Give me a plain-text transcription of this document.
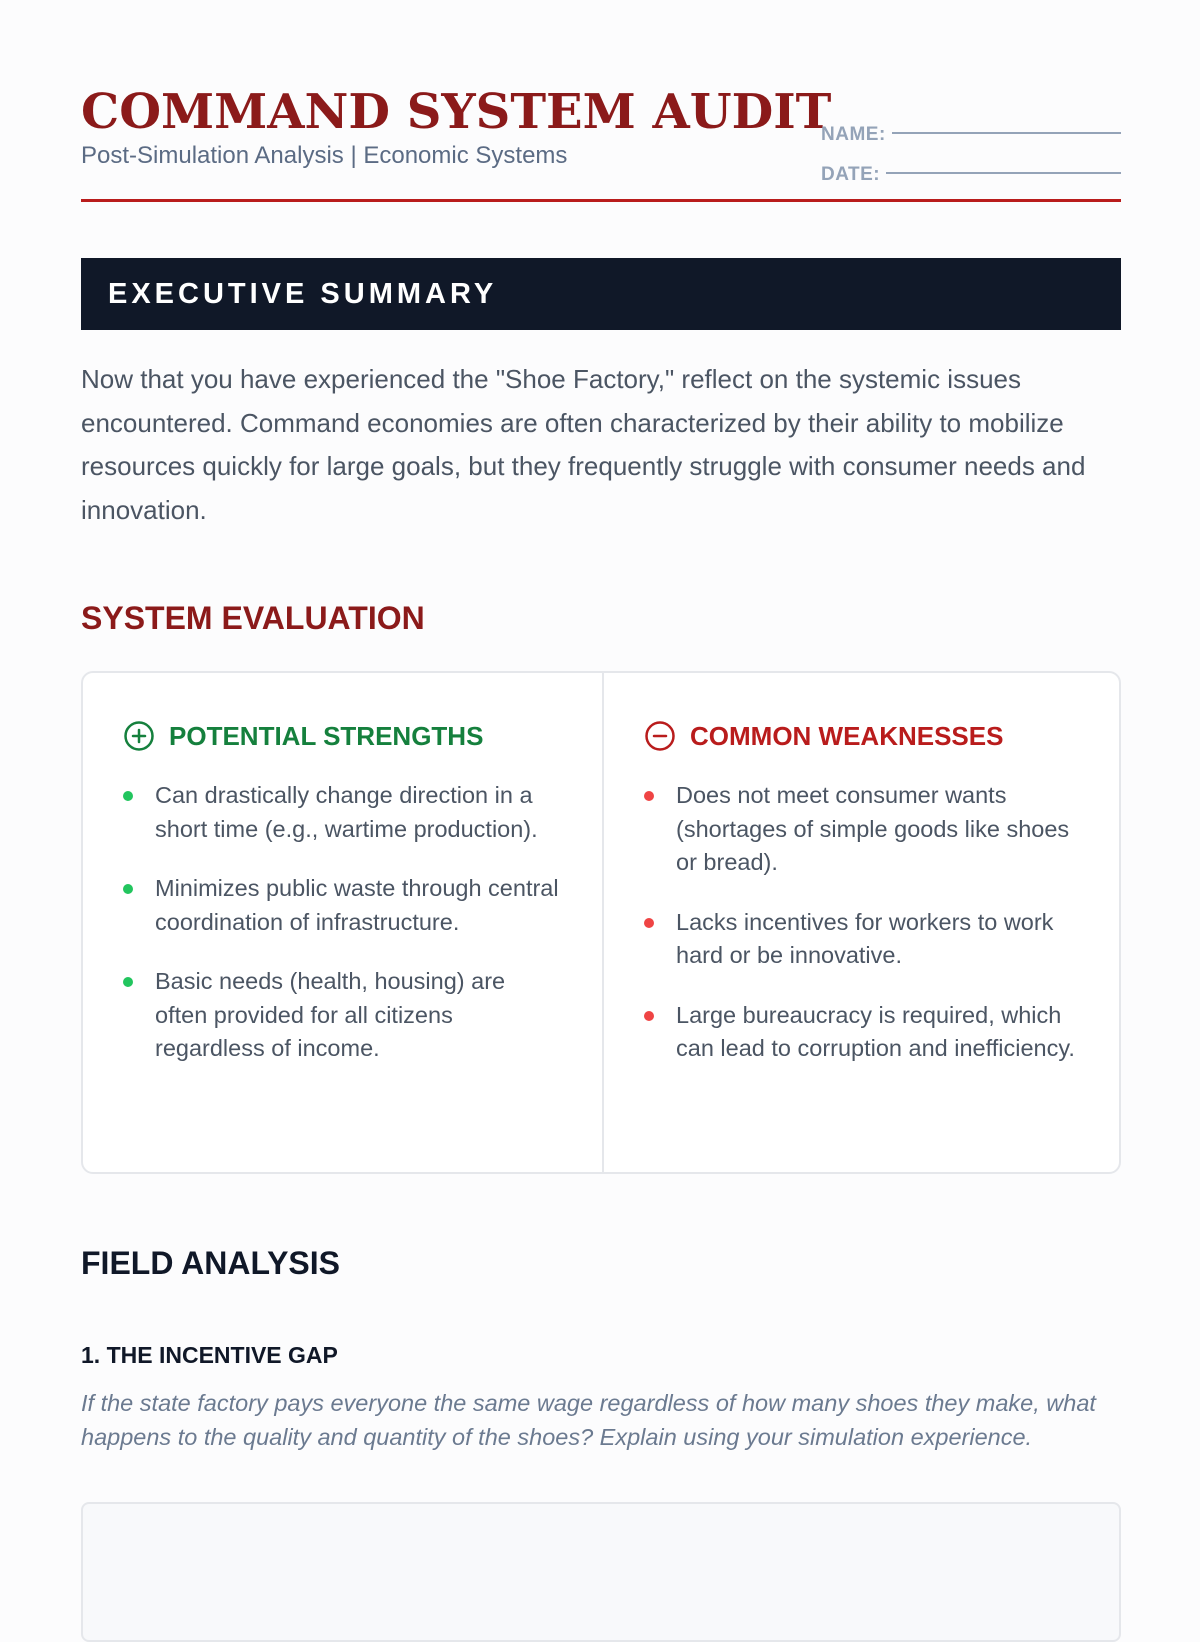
COMMAND SYSTEM AUDIT
Post-Simulation Analysis | Economic Systems
NAME:
DATE:
EXECUTIVE SUMMARY

Now that you have experienced the "Shoe Factory," reflect on the systemic issues encountered. Command economies are often characterized by their ability to mobilize resources quickly for large goals, but they frequently struggle with consumer needs and innovation.

SYSTEM EVALUATION
POTENTIAL STRENGTHS
Can drastically change direction in a short time (e.g., wartime production).
Minimizes public waste through central coordination of infrastructure.
Basic needs (health, housing) are often provided for all citizens regardless of income.
COMMON WEAKNESSES
Does not meet consumer wants (shortages of simple goods like shoes or bread).
Lacks incentives for workers to work hard or be innovative.
Large bureaucracy is required, which can lead to corruption and inefficiency.
FIELD ANALYSIS
1. THE INCENTIVE GAP

If the state factory pays everyone the same wage regardless of how many shoes they make, what happens to the quality and quantity of the shoes? Explain using your simulation experience.
